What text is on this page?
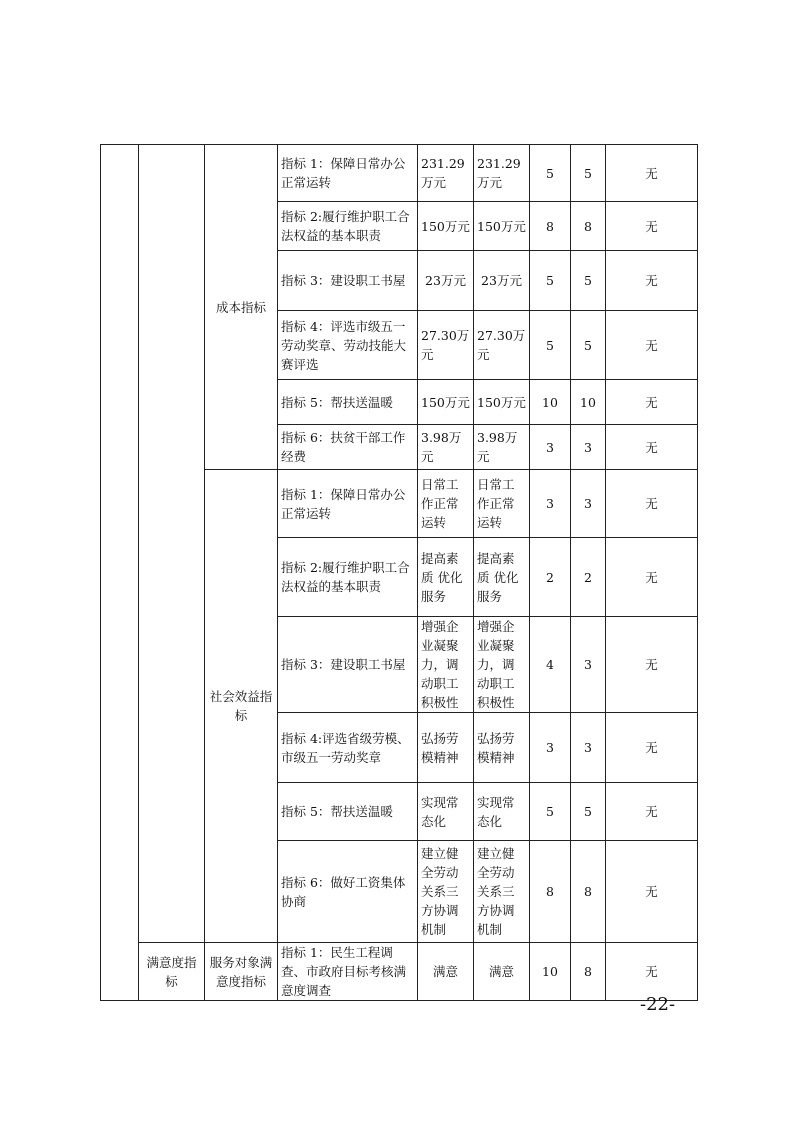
		成本指标	指标 1：保障日常办公正常运转	231.29万元	231.29万元	5	5	无
			指标 2:履行维护职工合法权益的基本职责	150万元	150万元	8	8	无
			指标 3：建设职工书屋	23万元	23万元	5	5	无
			指标 4：评选市级五一劳动奖章、劳动技能大赛评选	27.30万元	27.30万元	5	5	无
			指标 5：帮扶送温暖	150万元	150万元	10	10	无
			指标 6：扶贫干部工作经费	3.98万元	3.98万元	3	3	无
		社会效益指标	指标 1：保障日常办公正常运转	日常工作正常运转	日常工作正常运转	3	3	无
			指标 2:履行维护职工合法权益的基本职责	提高素质 优化服务	提高素质 优化服务	2	2	无
			指标 3：建设职工书屋	增强企业凝聚力，调动职工积极性	增强企业凝聚力，调动职工积极性	4	3	无
			指标 4:评选省级劳模、市级五一劳动奖章	弘扬劳模精神	弘扬劳模精神	3	3	无
			指标 5：帮扶送温暖	实现常态化	实现常态化	5	5	无
			指标 6：做好工资集体协商	建立健全劳动关系三方协调机制	建立健全劳动关系三方协调机制	8	8	无
	满意度指标	服务对象满意度指标	指标 1：民生工程调查、市政府目标考核满意度调查	满意	满意	10	8	无
-22-
